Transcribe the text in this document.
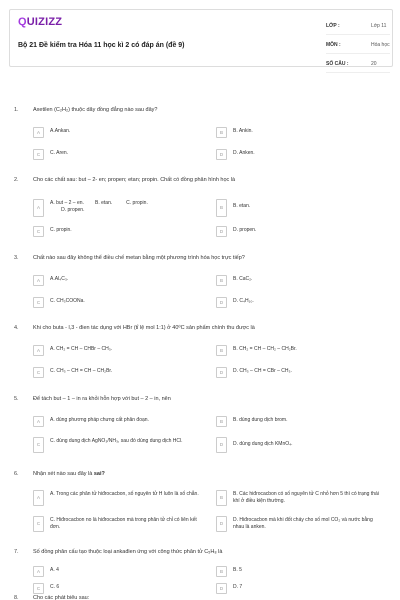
QUIZIZZ
Bộ 21 Đề kiểm tra Hóa 11 học kì 2 có đáp án (đề 9)
LỚP :	Lớp 11
MÔN :	Hóa học
SỐ CÂU :	20
1.	Axetilen (C₂H₂) thuộc dãy đồng đẳng nào sau đây?
A	A.Ankan.	B	B. Ankin.
C	C. Aren.	D	D. Anken.
2.	Cho các chất sau: but – 2- en; propen; etan; propin. Chất có đồng phân hình học là
A
A. but – 2 – en.        B. etan.          C. propin.
D. propen.	B	B. etan.
C	C. propin.	D	D. propen.
3.	Chất nào sau đây không thể điều chế metan bằng một phương trình hóa học trực tiếp?
A	A.Al₄C₃.	B	B. CaC₂.
C	C. CH₃COONa.	D	D. C₄H₁₀.
4.	Khi cho buta - l,3 - đien tác dụng với HBr (tỉ lệ mol 1:1) ở 40⁰C sản phẩm chính thu được là
A	A. CH₂ = CH – CHBr – CH₃.	B	B. CH₂ = CH – CH₂ – CH₂Br.
C	C. CH₃ – CH = CH – CH₂Br.	D	D. CH₃ – CH = CBr – CH₃.
5.	Để tách but – 1 – in ra khỏi hỗn hợp với but – 2 – in, nên
A	A. dùng phương pháp chưng cất phân đoạn.	B	B. dùng dung dịch brom.
C
C. dùng dung dịch AgNO₃/NH₃, sau đó dùng dung dịch HCl.
D	D. dùng dung dịch KMnO₄.
6.	Nhận xét nào sau đây là sai?
A
A. Trong các phân tử hiđrocacbon, số nguyên tử H luôn là số chẵn.
B
B. Các hiđrocacbon có số nguyên tử C nhỏ hơn 5 thì có trạng thái khí ở điều kiện thường.
C
C. Hiđrocacbon no là hiđrocacbon mà trong phân tử chỉ có liên kết đơn.
D
D. Hiđrocacbon mà khi đốt cháy cho số mol CO₂ và nước bằng nhau là anken.
7.	Số đồng phân cấu tạo thuộc loại ankađien ứng với công thức phân tử C₅H₈ là
A	A. 4	B	B. 5
C	C. 6	D	D. 7
8.	Cho các phát biểu sau:
